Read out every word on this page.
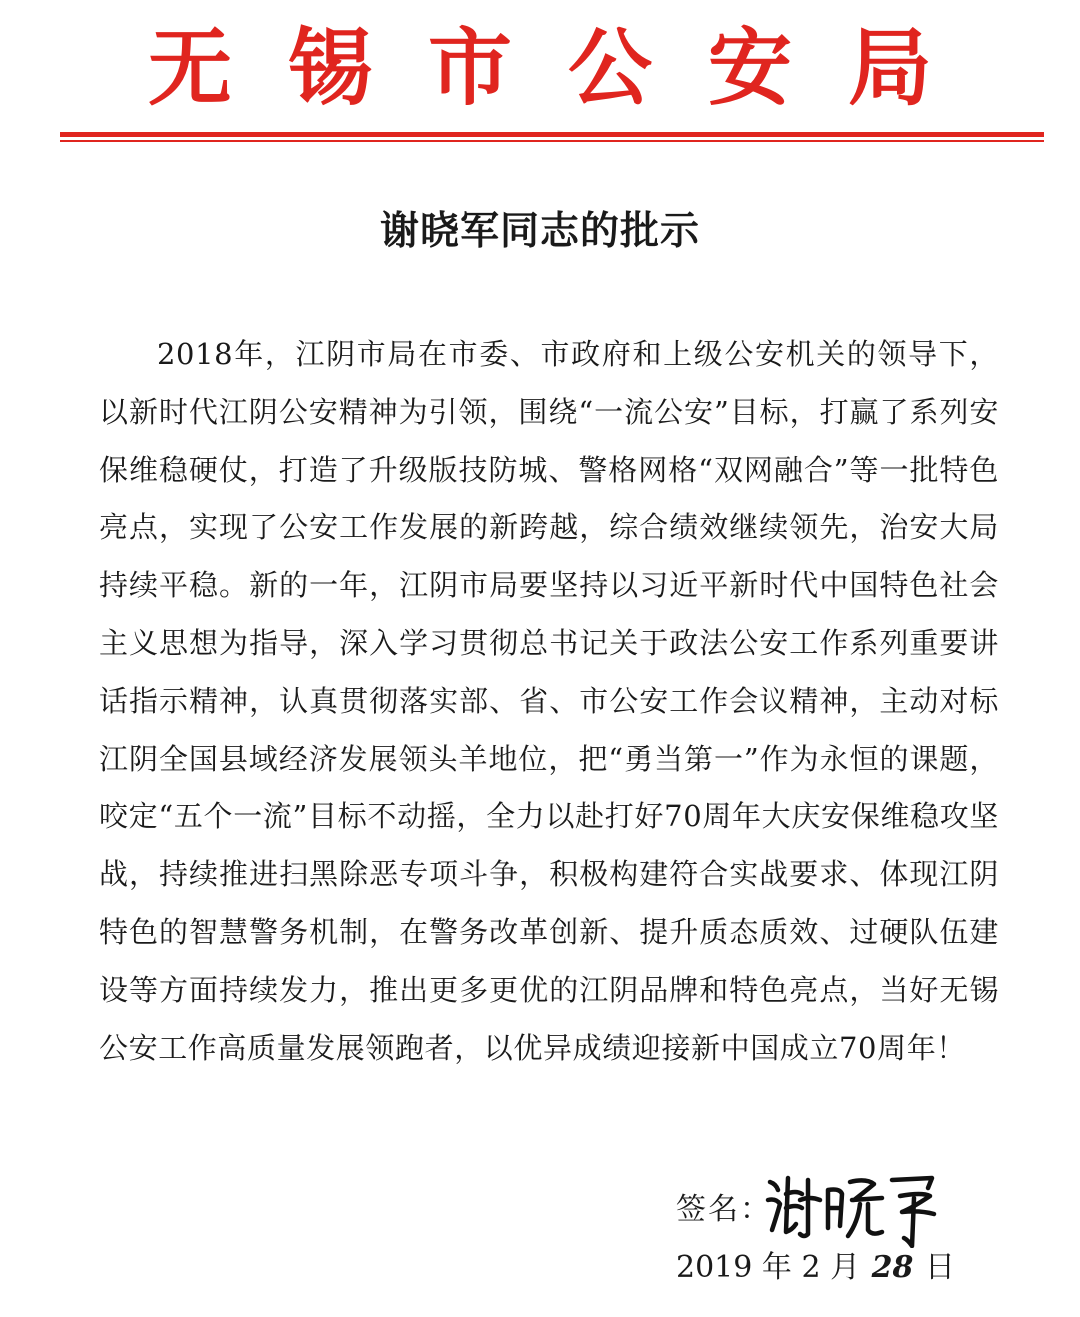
无锡市公安局
谢晓军同志的批示

2018年，江阴市局在市委、市政府和上级公安机关的领导下，以新时代江阴公安精神为引领，围绕“一流公安”目标，打赢了系列安保维稳硬仗，打造了升级版技防城、警格网格“双网融合”等一批特色亮点，实现了公安工作发展的新跨越，综合绩效继续领先，治安大局持续平稳。新的一年，江阴市局要坚持以习近平新时代中国特色社会主义思想为指导，深入学习贯彻总书记关于政法公安工作系列重要讲话指示精神，认真贯彻落实部、省、市公安工作会议精神，主动对标江阴全国县域经济发展领头羊地位，把“勇当第一”作为永恒的课题，咬定“五个一流”目标不动摇，全力以赴打好70周年大庆安保维稳攻坚战，持续推进扫黑除恶专项斗争，积极构建符合实战要求、体现江阴特色的智慧警务机制，在警务改革创新、提升质态质效、过硬队伍建设等方面持续发力，推出更多更优的江阴品牌和特色亮点，当好无锡公安工作高质量发展领跑者，以优异成绩迎接新中国成立70周年！

签名：
2019 年 2 月 28 日
